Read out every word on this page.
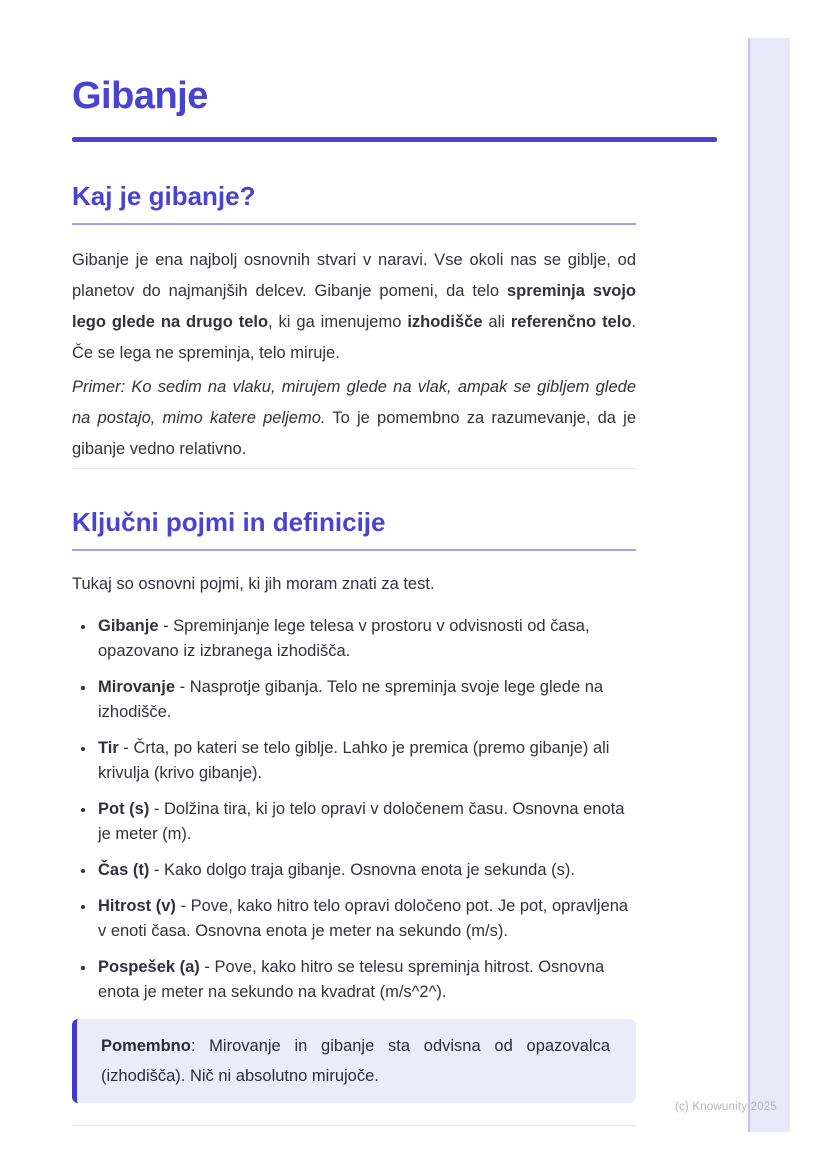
Gibanje
Kaj je gibanje?

Gibanje je ena najbolj osnovnih stvari v naravi. Vse okoli nas se giblje, od planetov do najmanjših delcev. Gibanje pomeni, da telo spreminja svojo lego glede na drugo telo, ki ga imenujemo izhodišče ali referenčno telo. Če se lega ne spreminja, telo miruje.

Primer: Ko sedim na vlaku, mirujem glede na vlak, ampak se gibljem glede na postajo, mimo katere peljemo. To je pomembno za razumevanje, da je gibanje vedno relativno.

Ključni pojmi in definicije

Tukaj so osnovni pojmi, ki jih moram znati za test.

• Gibanje - Spreminjanje lege telesa v prostoru v odvisnosti od časa, opazovano iz izbranega izhodišča.
• Mirovanje - Nasprotje gibanja. Telo ne spreminja svoje lege glede na izhodišče.
• Tir - Črta, po kateri se telo giblje. Lahko je premica (premo gibanje) ali krivulja (krivo gibanje).
• Pot (s) - Dolžina tira, ki jo telo opravi v določenem času. Osnovna enota je meter (m).
• Čas (t) - Kako dolgo traja gibanje. Osnovna enota je sekunda (s).
• Hitrost (v) - Pove, kako hitro telo opravi določeno pot. Je pot, opravljena v enoti časa. Osnovna enota je meter na sekundo (m/s).
• Pospešek (a) - Pove, kako hitro se telesu spreminja hitrost. Osnovna enota je meter na sekundo na kvadrat (m/s^2^).

Pomembno: Mirovanje in gibanje sta odvisna od opazovalca (izhodišča). Nič ni absolutno mirujoče.

(c) Knowunity 2025
